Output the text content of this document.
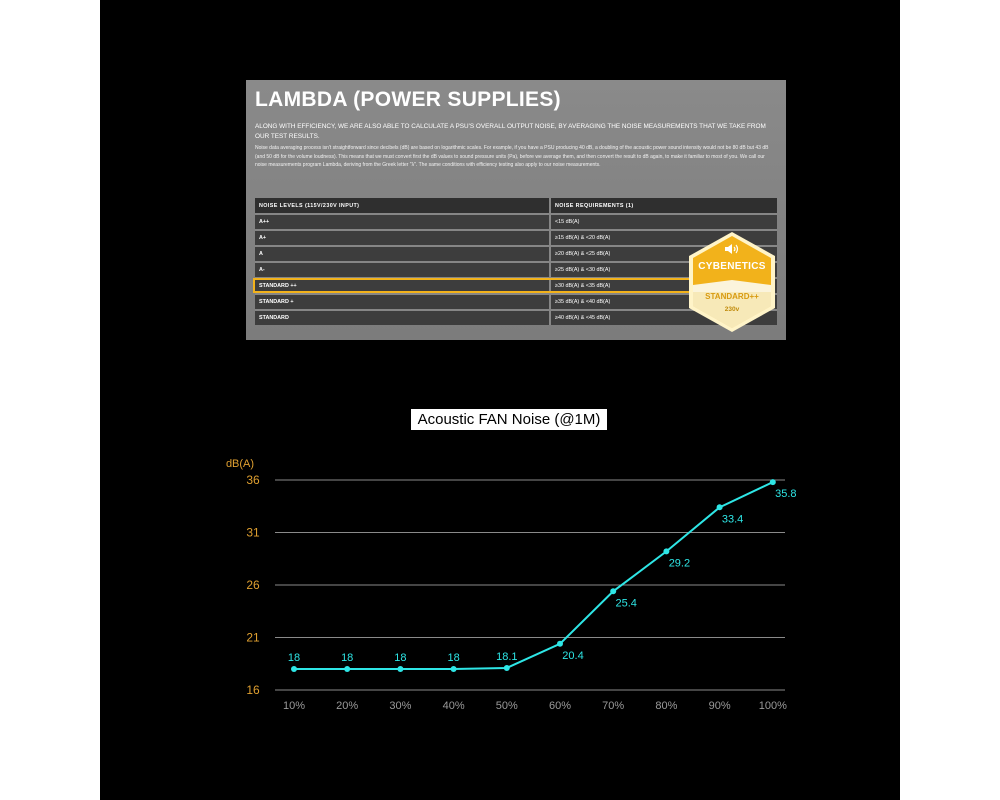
LAMBDA (POWER SUPPLIES)
ALONG WITH EFFICIENCY, WE ARE ALSO ABLE TO CALCULATE A PSU'S OVERALL OUTPUT NOISE, BY AVERAGING THE NOISE MEASUREMENTS THAT WE TAKE FROM OUR TEST RESULTS.
Noise data averaging process isn't straightforward since decibels (dB) are based on logarithmic scales. For example, if you have a PSU producing 40 dB, a doubling of the acoustic power sound intensity would not be 80 dB but 43 dB (and 50 dB for the volume loudness). This means that we must convert first the dB values to sound pressure units (Pa), before we average them, and then convert the result to dB again, to make it familiar to most of you. We call our noise measurements program Lambda, deriving from the Greek letter "λ". The same conditions with efficiency testing also apply to our noise measurements.
NOISE LEVELS (115V/230V INPUT)	NOISE REQUIREMENTS (1)
A++	<15 dB(A)
A+	≥15 dB(A) & <20 dB(A)
A	≥20 dB(A) & <25 dB(A)
A-	≥25 dB(A) & <30 dB(A)
STANDARD ++	≥30 dB(A) & <35 dB(A)
STANDARD +	≥35 dB(A) & <40 dB(A)
STANDARD	≥40 dB(A) & <45 dB(A)
CYBENETICS
STANDARD++
230v
Acoustic FAN Noise (@1M)
dB(A)
16
21
26
31
36
10%	20%	30%	40%	50%	60%	70%	80%	90%	100%
18	18	18	18	18.1	20.4
25.4
29.2
33.4
35.8
